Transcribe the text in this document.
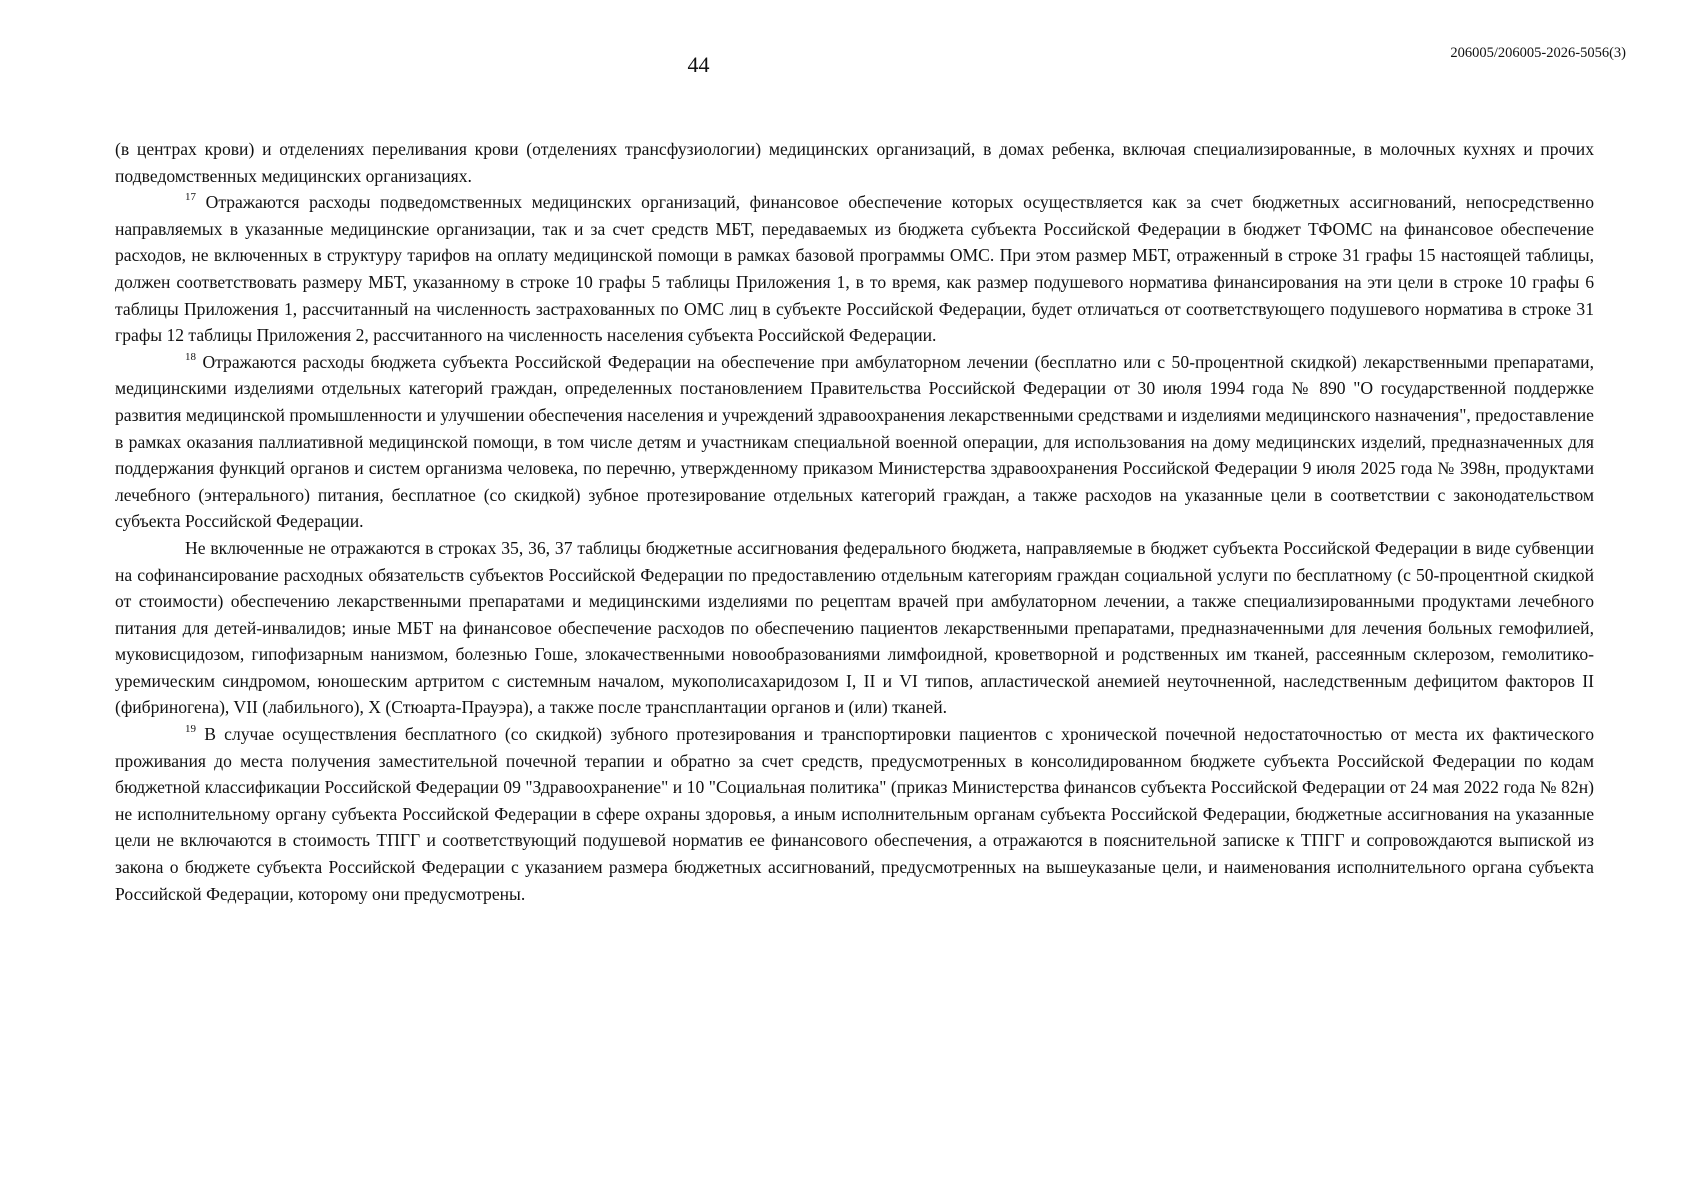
44	206005/206005-2026-5056(3)

(в центрах крови) и отделениях переливания крови (отделениях трансфузиологии) медицинских организаций, в домах ребенка, включая специализированные, в молочных кухнях и прочих подведомственных медицинских организациях.

$^{17}$ Отражаются расходы подведомственных медицинских организаций, финансовое обеспечение которых осуществляется как за счет бюджетных ассигнований, непосредственно направляемых в указанные медицинские организации, так и за счет средств МБТ, передаваемых из бюджета субъекта Российской Федерации в бюджет ТФОМС на финансовое обеспечение расходов, не включенных в структуру тарифов на оплату медицинской помощи в рамках базовой программы ОМС. При этом размер МБТ, отраженный в строке 31 графы 15 настоящей таблицы, должен соответствовать размеру МБТ, указанному в строке 10 графы 5 таблицы Приложения 1, в то время, как размер подушевого норматива финансирования на эти цели в строке 10 графы 6 таблицы Приложения 1, рассчитанный на численность застрахованных по ОМС лиц в субъекте Российской Федерации, будет отличаться от соответствующего подушевого норматива в строке 31 графы 12 таблицы Приложения 2, рассчитанного на численность населения субъекта Российской Федерации.

$^{18}$ Отражаются расходы бюджета субъекта Российской Федерации на обеспечение при амбулаторном лечении (бесплатно или с 50-процентной скидкой) лекарственными препаратами, медицинскими изделиями отдельных категорий граждан, определенных постановлением Правительства Российской Федерации от 30 июля 1994 года № 890 "О государственной поддержке развития медицинской промышленности и улучшении обеспечения населения и учреждений здравоохранения лекарственными средствами и изделиями медицинского назначения", предоставление в рамках оказания паллиативной медицинской помощи, в том числе детям и участникам специальной военной операции, для использования на дому медицинских изделий, предназначенных для поддержания функций органов и систем организма человека, по перечню, утвержденному приказом Министерства здравоохранения Российской Федерации 9 июля 2025 года № 398н, продуктами лечебного (энтерального) питания, бесплатное (со скидкой) зубное протезирование отдельных категорий граждан, а также расходов на указанные цели в соответствии с законодательством субъекта Российской Федерации.

Не включенные не отражаются в строках 35, 36, 37 таблицы бюджетные ассигнования федерального бюджета, направляемые в бюджет субъекта Российской Федерации в виде субвенции на софинансирование расходных обязательств субъектов Российской Федерации по предоставлению отдельным категориям граждан социальной услуги по бесплатному (с 50-процентной скидкой от стоимости) обеспечению лекарственными препаратами и медицинскими изделиями по рецептам врачей при амбулаторном лечении, а также специализированными продуктами лечебного питания для детей-инвалидов; иные МБТ на финансовое обеспечение расходов по обеспечению пациентов лекарственными препаратами, предназначенными для лечения больных гемофилией, муковисцидозом, гипофизарным нанизмом, болезнью Гоше, злокачественными новообразованиями лимфоидной, кроветворной и родственных им тканей, рассеянным склерозом, гемолитико-уремическим синдромом, юношеским артритом с системным началом, мукополисахаридозом I, II и VI типов, апластической анемией неуточненной, наследственным дефицитом факторов II (фибриногена), VII (лабильного), X (Стюарта-Прауэра), а также после трансплантации органов и (или) тканей.

$^{19}$ В случае осуществления бесплатного (со скидкой) зубного протезирования и транспортировки пациентов с хронической почечной недостаточностью от места их фактического проживания до места получения заместительной почечной терапии и обратно за счет средств, предусмотренных в консолидированном бюджете субъекта Российской Федерации по кодам бюджетной классификации Российской Федерации 09 "Здравоохранение" и 10 "Социальная политика" (приказ Министерства финансов субъекта Российской Федерации от 24 мая 2022 года № 82н) не исполнительному органу субъекта Российской Федерации в сфере охраны здоровья, а иным исполнительным органам субъекта Российской Федерации, бюджетные ассигнования на указанные цели не включаются в стоимость ТПГГ и соответствующий подушевой норматив ее финансового обеспечения, а отражаются в пояснительной записке к ТПГГ и сопровождаются выпиской из закона о бюджете субъекта Российской Федерации с указанием размера бюджетных ассигнований, предусмотренных на вышеуказаные цели, и наименования исполнительного органа субъекта Российской Федерации, которому они предусмотрены.
